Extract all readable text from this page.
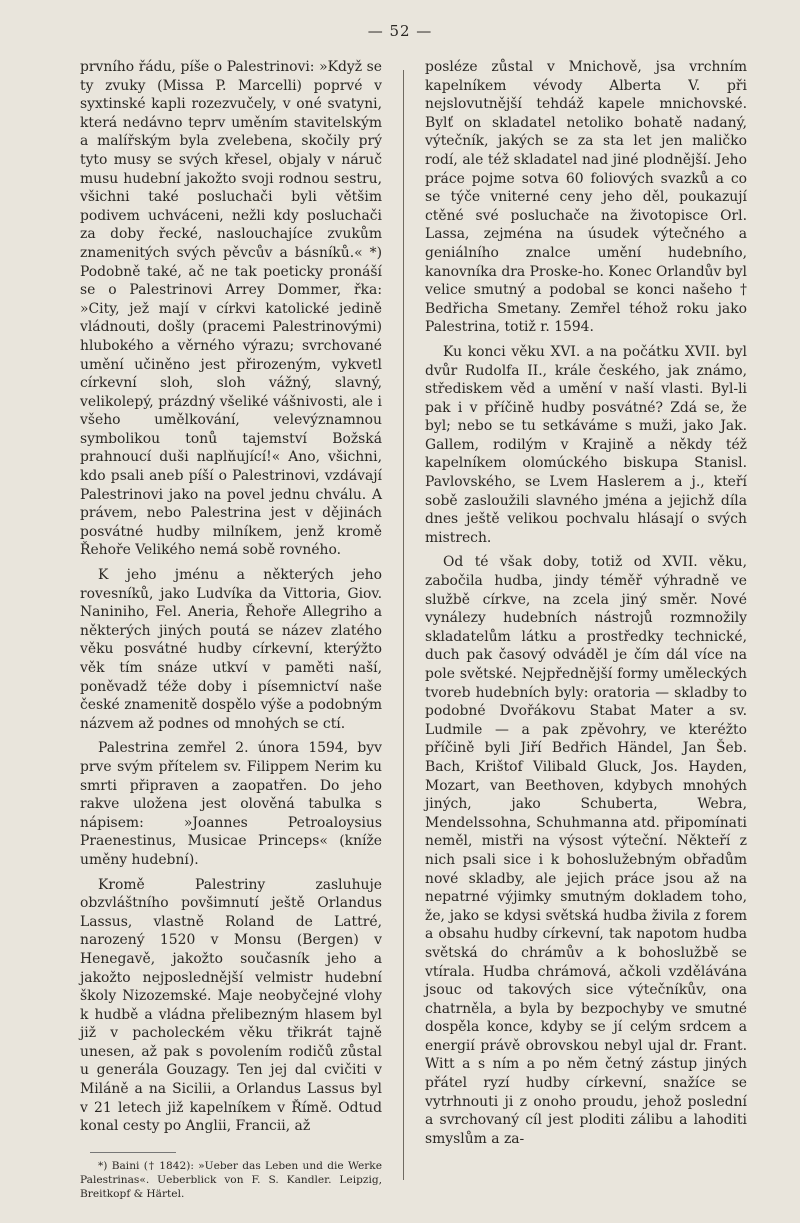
— 52 —

prvního řádu, píše o Palestrinovi: »Když se ty zvuky (Missa P. Marcelli) poprvé v syxtinské kapli rozezvučely, v oné svatyni, která nedávno teprv uměním stavitelským a malířským byla zvelebena, skočily prý tyto musy se svých křesel, objaly v náruč musu hudební jakožto svoji rodnou sestru, všichni také posluchači byli většim podivem uchváceni, nežli kdy posluchači za doby řecké, naslouchajíce zvukům znamenitých svých pěvcův a básníků.« *) Podobně také, ač ne tak poeticky pronáší se o Palestrinovi Arrey Dommer, řka: »City, jež mají v církvi katolické jedině vládnouti, došly (pracemi Palestrinovými) hlubokého a věrného výrazu; svrchované umění učiněno jest přirozeným, vykvetl církevní sloh, sloh vážný, slavný, velikolepý, prázdný všeliké vášnivosti, ale i všeho umělkování, velevýznamnou symbolikou tonů tajemství Božská prahnoucí duši naplňující!« Ano, všichni, kdo psali aneb píší o Palestrinovi, vzdávají Palestrinovi jako na povel jednu chválu. A právem, nebo Palestrina jest v dějinách posvátné hudby milníkem, jenž kromě Řehoře Velikého nemá sobě rovného.

K jeho jménu a některých jeho rovesníků, jako Ludvíka da Vittoria, Giov. Naniniho, Fel. Aneria, Řehoře Allegriho a některých jiných poutá se název zlatého věku posvátné hudby církevní, kterýžto věk tím snáze utkví v paměti naší, poněvadž téže doby i písemnictví naše české znamenitě dospělo výše a podobným názvem až podnes od mnohých se ctí.

Palestrina zemřel 2. února 1594, byv prve svým přítelem sv. Filippem Nerim ku smrti připraven a zaopatřen. Do jeho rakve uložena jest olověná tabulka s nápisem: »Joannes Petroaloysius Praenestinus, Musicae Princeps« (kníže uměny hudební).

Kromě Palestriny zasluhuje obzvláštního povšimnutí ještě Orlandus Lassus, vlastně Roland de Lattré, narozený 1520 v Monsu (Bergen) v Henegavě, jakožto současník jeho a jakožto nejposlednější velmistr hudební školy Nizozemské. Maje neobyčejné vlohy k hudbě a vládna přelibezným hlasem byl již v pacholeckém věku třikrát tajně unesen, až pak s povolením rodičů zůstal u generála Gouzagy. Ten jej dal cvičiti v Miláně a na Sicilii, a Orlandus Lassus byl v 21 letech již kapelníkem v Římě. Odtud konal cesty po Anglii, Francii, až

*) Baini († 1842): »Ueber das Leben und die Werke Palestrinas«. Ueberblick von F. S. Kandler. Leipzig, Breitkopf & Härtel.

posléze zůstal v Mnichově, jsa vrchním kapelníkem vévody Alberta V. při nejslovutnější tehdáž kapele mnichovské. Bylť on skladatel netoliko bohatě nadaný, výtečník, jakých se za sta let jen maličko rodí, ale též skladatel nad jiné plodnější. Jeho práce pojme sotva 60 foliových svazků a co se týče vniterné ceny jeho děl, poukazují ctěné své posluchače na životopisce Orl. Lassa, zejména na úsudek výtečného a geniálního znalce umění hudebního, kanovníka dra Proske-ho. Konec Orlandův byl velice smutný a podobal se konci našeho † Bedřicha Smetany. Zemřel téhož roku jako Palestrina, totiž r. 1594.

Ku konci věku XVI. a na počátku XVII. byl dvůr Rudolfa II., krále českého, jak známo, střediskem věd a umění v naší vlasti. Byl-li pak i v příčině hudby posvátné? Zdá se, že byl; nebo se tu setkáváme s muži, jako Jak. Gallem, rodilým v Krajině a někdy též kapelníkem olomúckého biskupa Stanisl. Pavlovského, se Lvem Haslerem a j., kteří sobě zasloužili slavného jména a jejichž díla dnes ještě velikou pochvalu hlásají o svých mistrech.

Od té však doby, totiž od XVII. věku, zabočila hudba, jindy téměř výhradně ve službě církve, na zcela jiný směr. Nové vynálezy hudebních nástrojů rozmnožily skladatelům látku a prostředky technické, duch pak časový odváděl je čím dál více na pole světské. Nejpřednější formy uměleckých tvoreb hudebních byly: oratoria — skladby to podobné Dvořákovu Stabat Mater a sv. Ludmile — a pak zpěvohry, ve kteréžto příčině byli Jiří Bedřich Händel, Jan Šeb. Bach, Krištof Vilibald Gluck, Jos. Hayden, Mozart, van Beethoven, kdybych mnohých jiných, jako Schuberta, Webra, Mendelssohna, Schuhmanna atd. připomínati neměl, mistři na výsost výteční. Někteří z nich psali sice i k bohoslužebným obřadům nové skladby, ale jejich práce jsou až na nepatrné výjimky smutným dokladem toho, že, jako se kdysi světská hudba živila z forem a obsahu hudby církevní, tak napotom hudba světská do chrámův a k bohoslužbě se vtírala. Hudba chrámová, ačkoli vzdělávána jsouc od takových sice výtečníkův, ona chatrněla, a byla by bezpochyby ve smutné dospěla konce, kdyby se jí celým srdcem a energií právě obrovskou nebyl ujal dr. Frant. Witt a s ním a po něm četný zástup jiných přátel ryzí hudby církevní, snažíce se vytrhnouti ji z onoho proudu, jehož poslední a svrchovaný cíl jest ploditi zálibu a lahoditi smyslům a za-
